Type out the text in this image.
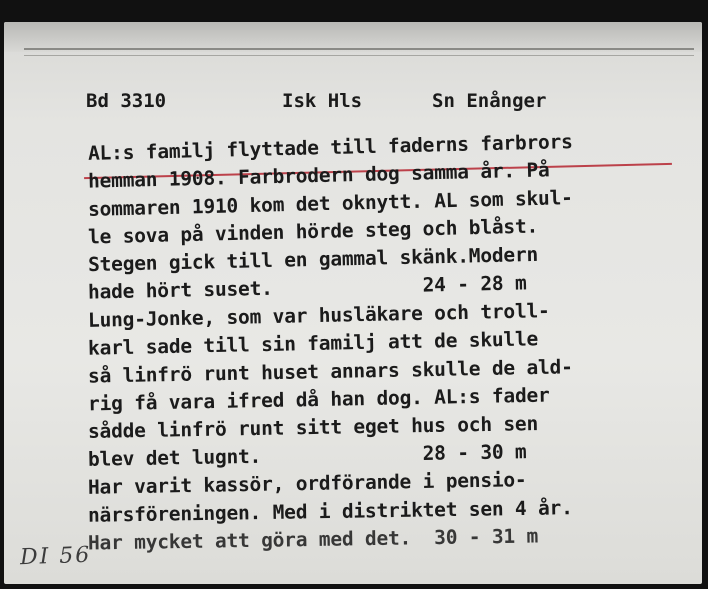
Bd 3310	Isk Hls	Sn Enånger
AL:s familj flyttade till faderns farbrors
hemman 1908. Farbrodern dog samma år. På
sommaren 1910 kom det oknytt. AL som skul-
le sova på vinden hörde steg och blåst.
Stegen gick till en gammal skänk.Modern
hade hört suset.             24 - 28 m
Lung-Jonke, som var husläkare och troll-
karl sade till sin familj att de skulle
så linfrö runt huset annars skulle de ald-
rig få vara ifred då han dog. AL:s fader
sådde linfrö runt sitt eget hus och sen
blev det lugnt.              28 - 30 m
Har varit kassör, ordförande i pensio-
närsföreningen. Med i distriktet sen 4 år.
Har mycket att göra med det.  30 - 31 m
DI 56
